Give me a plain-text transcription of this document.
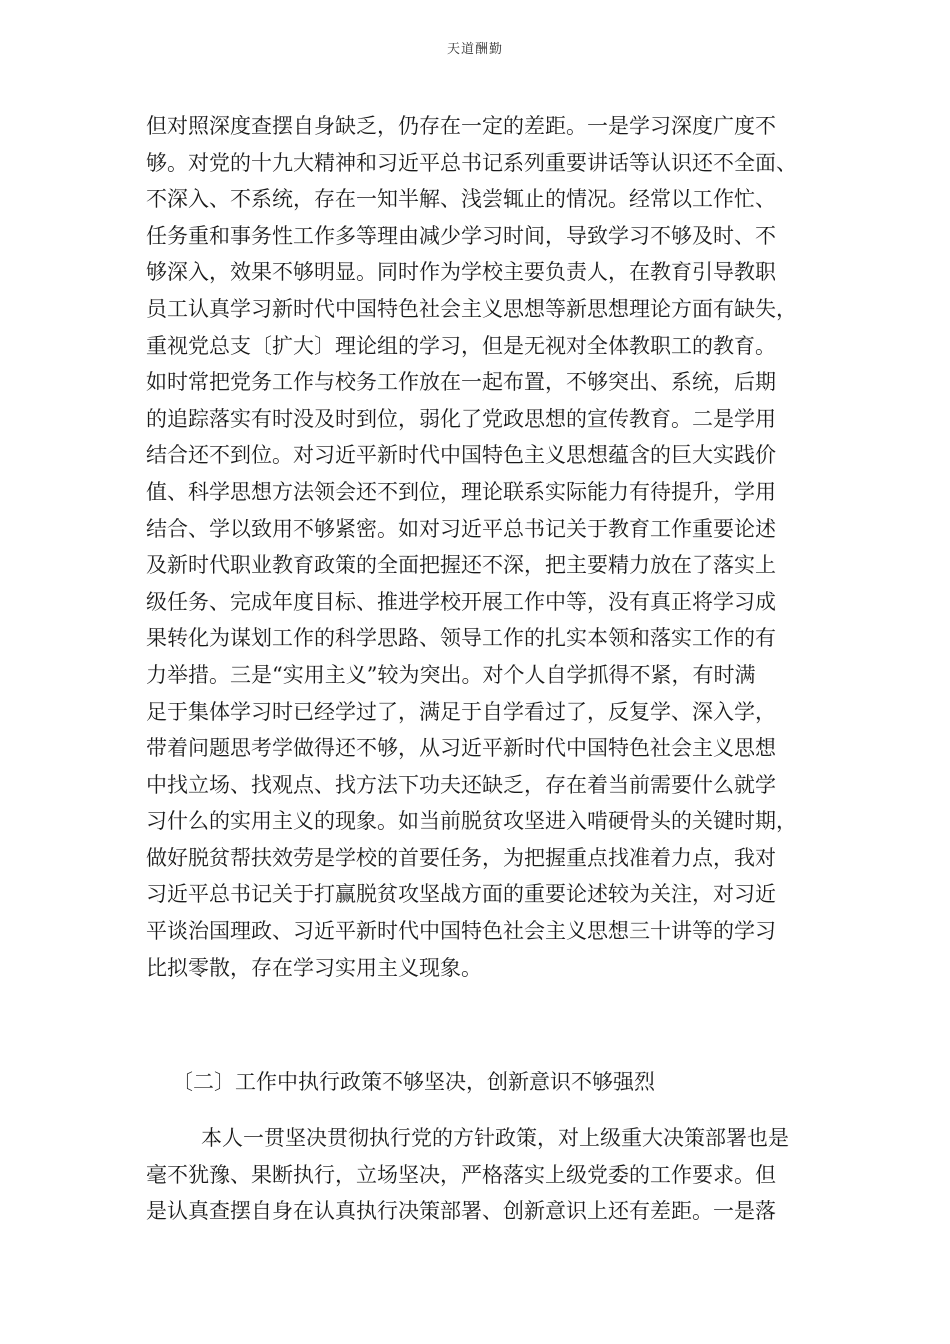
天道酬勤
但对照深度查摆自身缺乏，仍存在一定的差距。一是学习深度广度不
够。对党的十九大精神和习近平总书记系列重要讲话等认识还不全面、
不深入、不系统，存在一知半解、浅尝辄止的情况。经常以工作忙、
任务重和事务性工作多等理由减少学习时间，导致学习不够及时、不
够深入，效果不够明显。同时作为学校主要负责人，在教育引导教职
员工认真学习新时代中国特色社会主义思想等新思想理论方面有缺失，
重视党总支〔扩大〕理论组的学习，但是无视对全体教职工的教育。
如时常把党务工作与校务工作放在一起布置，不够突出、系统，后期
的追踪落实有时没及时到位，弱化了党政思想的宣传教育。二是学用
结合还不到位。对习近平新时代中国特色主义思想蕴含的巨大实践价
值、科学思想方法领会还不到位，理论联系实际能力有待提升，学用
结合、学以致用不够紧密。如对习近平总书记关于教育工作重要论述
及新时代职业教育政策的全面把握还不深，把主要精力放在了落实上
级任务、完成年度目标、推进学校开展工作中等，没有真正将学习成
果转化为谋划工作的科学思路、领导工作的扎实本领和落实工作的有
力举措。三是“实用主义”较为突出。对个人自学抓得不紧，有时满
足于集体学习时已经学过了，满足于自学看过了，反复学、深入学，
带着问题思考学做得还不够，从习近平新时代中国特色社会主义思想
中找立场、找观点、找方法下功夫还缺乏，存在着当前需要什么就学
习什么的实用主义的现象。如当前脱贫攻坚进入啃硬骨头的关键时期，
做好脱贫帮扶效劳是学校的首要任务，为把握重点找准着力点，我对
习近平总书记关于打赢脱贫攻坚战方面的重要论述较为关注，对习近
平谈治国理政、习近平新时代中国特色社会主义思想三十讲等的学习
比拟零散，存在学习实用主义现象。
〔二〕工作中执行政策不够坚决，创新意识不够强烈
本人一贯坚决贯彻执行党的方针政策，对上级重大决策部署也是
毫不犹豫、果断执行，立场坚决，严格落实上级党委的工作要求。但
是认真查摆自身在认真执行决策部署、创新意识上还有差距。一是落
